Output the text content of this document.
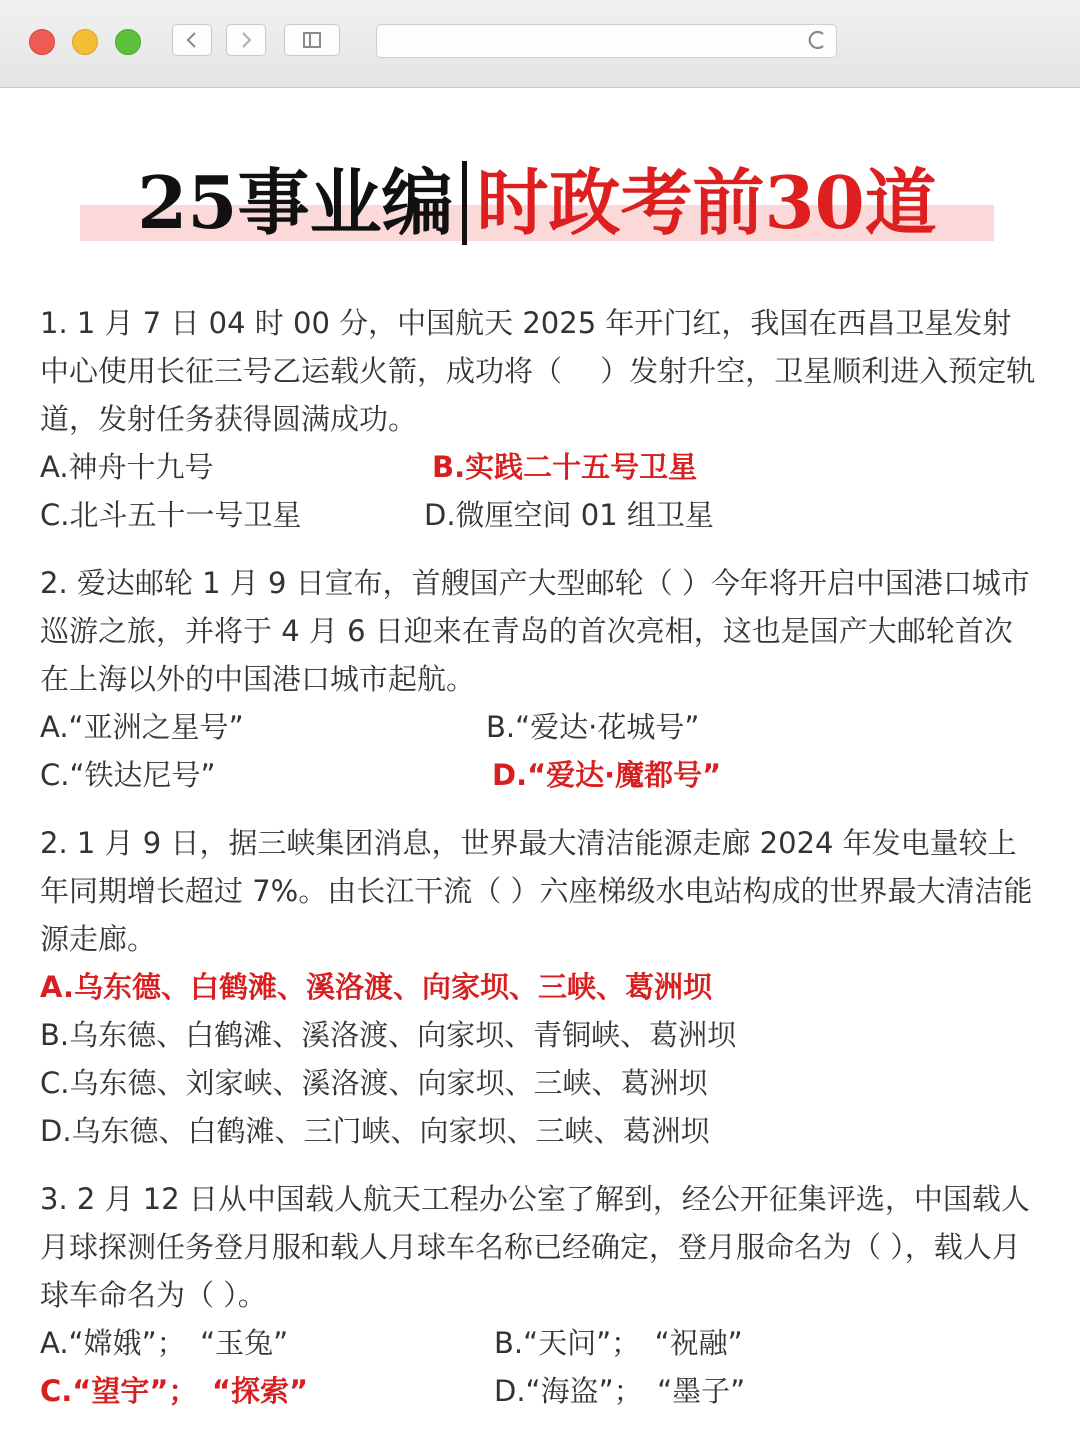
25事业编 时政考前30道

1. 1 月 7 日 04 时 00 分，中国航天 2025 年开门红，我国在西昌卫星发射中心使用长征三号乙运载火箭，成功将（　 ）发射升空，卫星顺利进入预定轨道，发射任务获得圆满成功。

A.神舟十九号	B.实践二十五号卫星
C.北斗五十一号卫星	D.微厘空间 01 组卫星

2. 爱达邮轮 1 月 9 日宣布，首艘国产大型邮轮（ ）今年将开启中国港口城市巡游之旅，并将于 4 月 6 日迎来在青岛的首次亮相，这也是国产大邮轮首次在上海以外的中国港口城市起航。

A.“亚洲之星号”	B.“爱达·花城号”
C.“铁达尼号”	D.“爱达·魔都号”

2. 1 月 9 日，据三峡集团消息，世界最大清洁能源走廊 2024 年发电量较上年同期增长超过 7%。由长江干流（ ）六座梯级水电站构成的世界最大清洁能源走廊。

A.乌东德、白鹤滩、溪洛渡、向家坝、三峡、葛洲坝
B.乌东德、白鹤滩、溪洛渡、向家坝、青铜峡、葛洲坝
C.乌东德、刘家峡、溪洛渡、向家坝、三峡、葛洲坝
D.乌东德、白鹤滩、三门峡、向家坝、三峡、葛洲坝

3. 2 月 12 日从中国载人航天工程办公室了解到，经公开征集评选，中国载人月球探测任务登月服和载人月球车名称已经确定，登月服命名为（ ），载人月球车命名为（ ）。

A.“嫦娥”；　“玉兔”	B.“天问”；　“祝融”
C.“望宇”；　“探索”	D.“海盗”；　“墨子”
